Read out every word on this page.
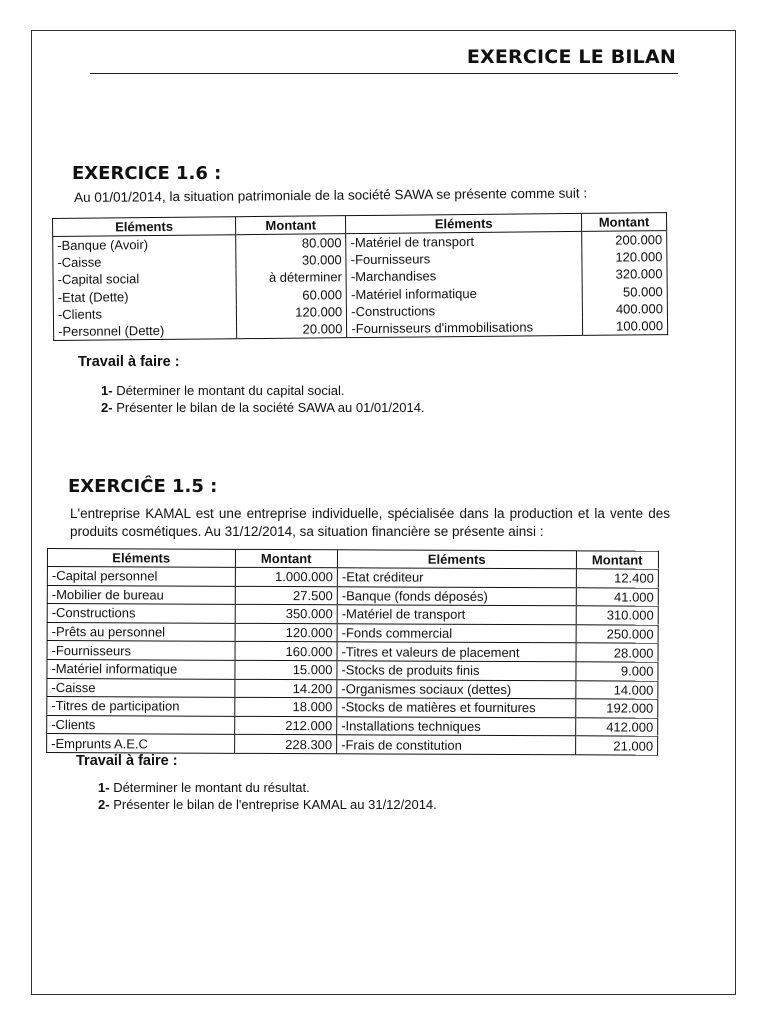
EXERCICE LE BILAN
EXERCICE 1.6 :
Au 01/01/2014, la situation patrimoniale de la société SAWA se présente comme suit :
Eléments	Montant	Eléments	Montant
-Banque (Avoir)	80.000	-Matériel de transport	200.000
-Caisse	30.000	-Fournisseurs	120.000
-Capital social	à déterminer	-Marchandises	320.000
-Etat (Dette)	60.000	-Matériel informatique	50.000
-Clients	120.000	-Constructions	400.000
-Personnel (Dette)	20.000	-Fournisseurs d'immobilisations	100.000
Travail à faire :
1- Déterminer le montant du capital social.
2- Présenter le bilan de la société SAWA au 01/01/2014.
EXERCIĈE 1.5 :
L'entreprise KAMAL est une entreprise individuelle, spécialisée dans la production et la vente des produits cosmétiques. Au 31/12/2014, sa situation financière se présente ainsi :
Eléments	Montant	Eléments	Montant
-Capital personnel	1.000.000	-Etat créditeur	12.400
-Mobilier de bureau	27.500	-Banque (fonds déposés)	41.000
-Constructions	350.000	-Matériel de transport	310.000
-Prêts au personnel	120.000	-Fonds commercial	250.000
-Fournisseurs	160.000	-Titres et valeurs de placement	28.000
-Matériel informatique	15.000	-Stocks de produits finis	9.000
-Caisse	14.200	-Organismes sociaux (dettes)	14.000
-Titres de participation	18.000	-Stocks de matières et fournitures	192.000
-Clients	212.000	-Installations techniques	412.000
-Emprunts A.E.C	228.300	-Frais de constitution	21.000
Travail à faire :
1- Déterminer le montant du résultat.
2- Présenter le bilan de l'entreprise KAMAL au 31/12/2014.
